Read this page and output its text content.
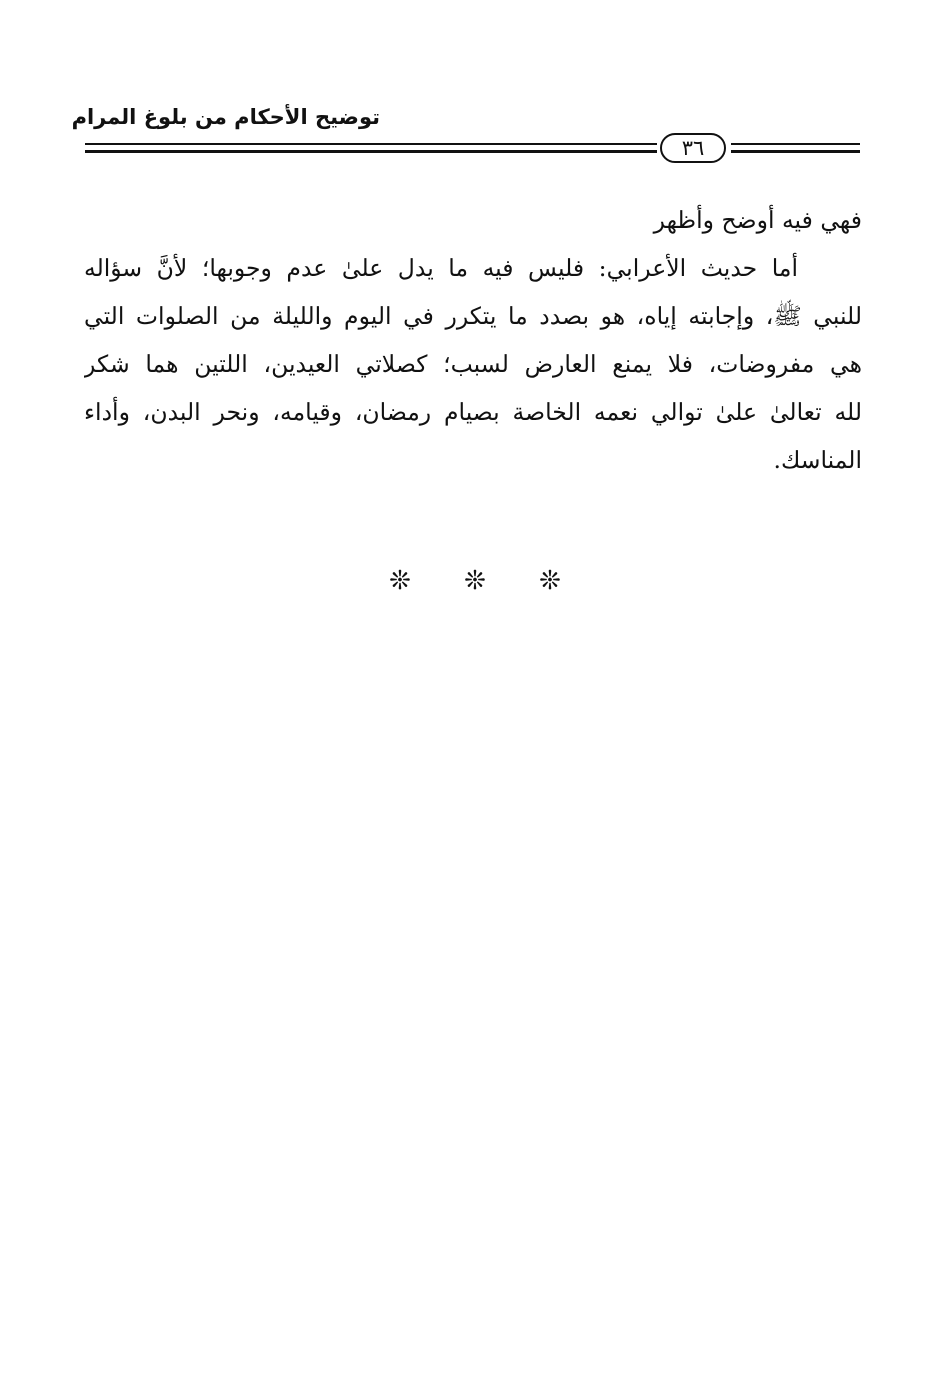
توضيح الأحكام من بلوغ المرام
٣٦
فهي فيه أوضح وأظهر
أما حديث الأعرابي: فليس فيه ما يدل علىٰ عدم وجوبها؛ لأنَّ سؤاله
للنبي ﷺ، وإجابته إياه، هو بصدد ما يتكرر في اليوم والليلة من الصلوات التي
هي مفروضات، فلا يمنع العارض لسبب؛ كصلاتي العيدين، اللتين هما شكر
لله تعالىٰ علىٰ توالي نعمه الخاصة بصيام رمضان، وقيامه، ونحر البدن، وأداء
المناسك.
❊	❊	❊
